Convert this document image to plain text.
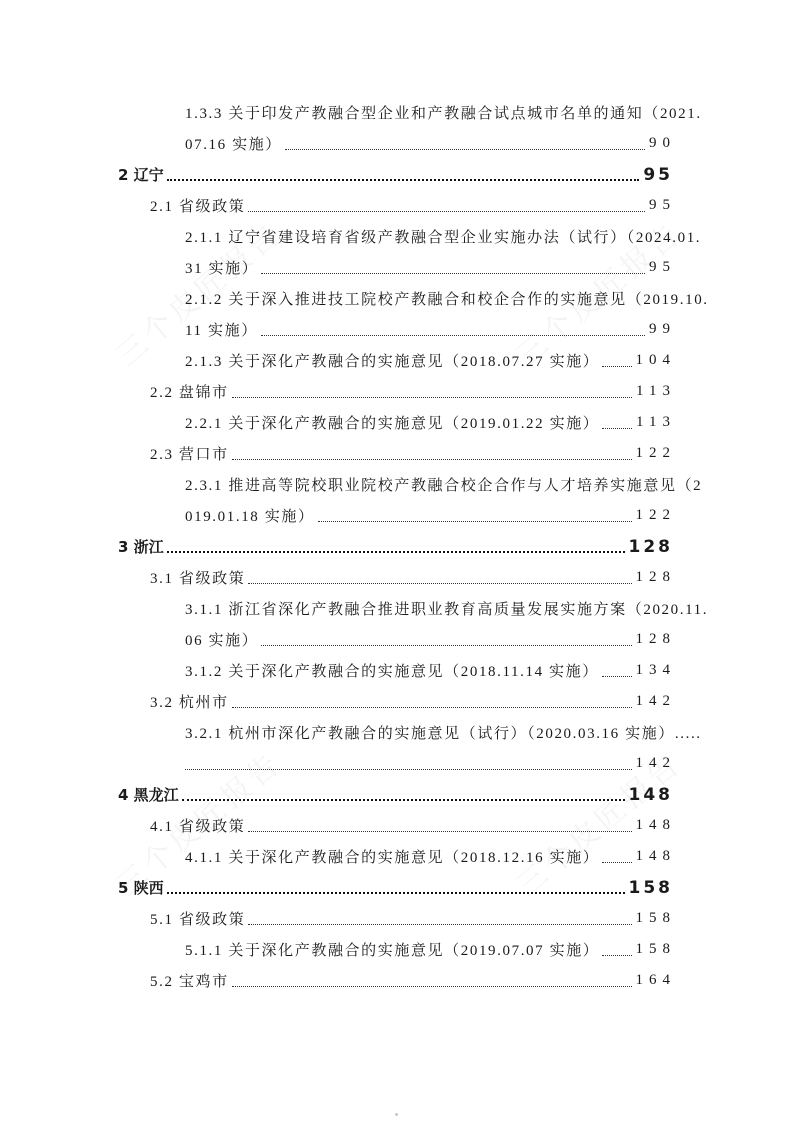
1.3.3 关于印发产教融合型企业和产教融合试点城市名单的通知（2021.
07.16 实施）	90
2 辽宁	95
2.1 省级政策	95
2.1.1 辽宁省建设培育省级产教融合型企业实施办法（试行）（2024.01.
31 实施）	95
2.1.2 关于深入推进技工院校产教融合和校企合作的实施意见（2019.10.
11 实施）	99
2.1.3 关于深化产教融合的实施意见（2018.07.27 实施） 104
2.2 盘锦市	113
2.2.1 关于深化产教融合的实施意见（2019.01.22 实施） 113
2.3 营口市	122
2.3.1 推进高等院校职业院校产教融合校企合作与人才培养实施意见（2
019.01.18 实施）	122
3 浙江	128
3.1 省级政策	128
3.1.1 浙江省深化产教融合推进职业教育高质量发展实施方案（2020.11.
06 实施）	128
3.1.2 关于深化产教融合的实施意见（2018.11.14 实施） 134
3.2 杭州市	142
3.2.1 杭州市深化产教融合的实施意见（试行）（2020.03.16 实施）.....
142
4 黑龙江	148
4.1 省级政策	148
4.1.1 关于深化产教融合的实施意见（2018.12.16 实施） 148
5 陕西	158
5.1 省级政策	158
5.1.1 关于深化产教融合的实施意见（2019.07.07 实施） 158
5.2 宝鸡市	164
